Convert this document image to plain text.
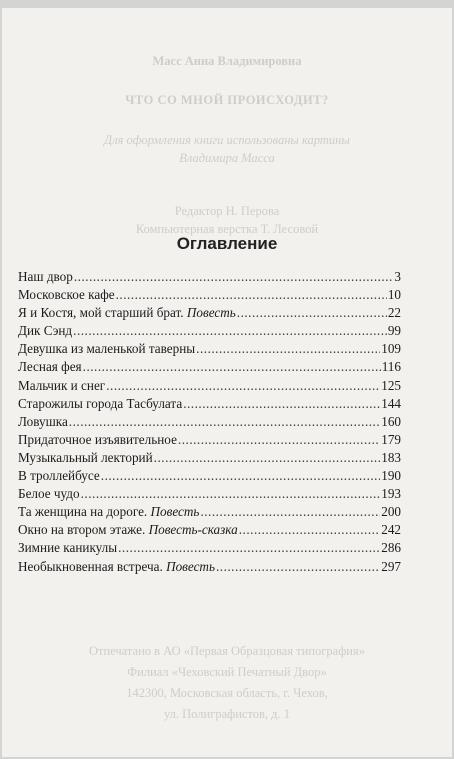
Масс Анна Владимировна
ЧТО СО МНОЙ ПРОИСХОДИТ?
Для оформления книги использованы картины
Владимира Масса
Редактор Н. Перова
Компьютерная верстка Т. Лесовой
Оглавление
Наш двор .....	3
Московское кафе .....	10
Я и Костя, мой старший брат. Повесть .....	22
Дик Сэнд .....	99
Девушка из маленькой таверны .....	109
Лесная фея .....	116
Мальчик и снег .....	125
Старожилы города Тасбулата .....	144
Ловушка .....	160
Придаточное изъявительное .....	179
Музыкальный лекторий .....	183
В троллейбусе .....	190
Белое чудо .....	193
Та женщина на дороге. Повесть .....	200
Окно на втором этаже. Повесть-сказка .....	242
Зимние каникулы .....	286
Необыкновенная встреча. Повесть .....	297
Отпечатано в АО «Первая Образцовая типография»
Филиал «Чеховский Печатный Двор»
142300, Московская область, г. Чехов,
ул. Полиграфистов, д. 1
